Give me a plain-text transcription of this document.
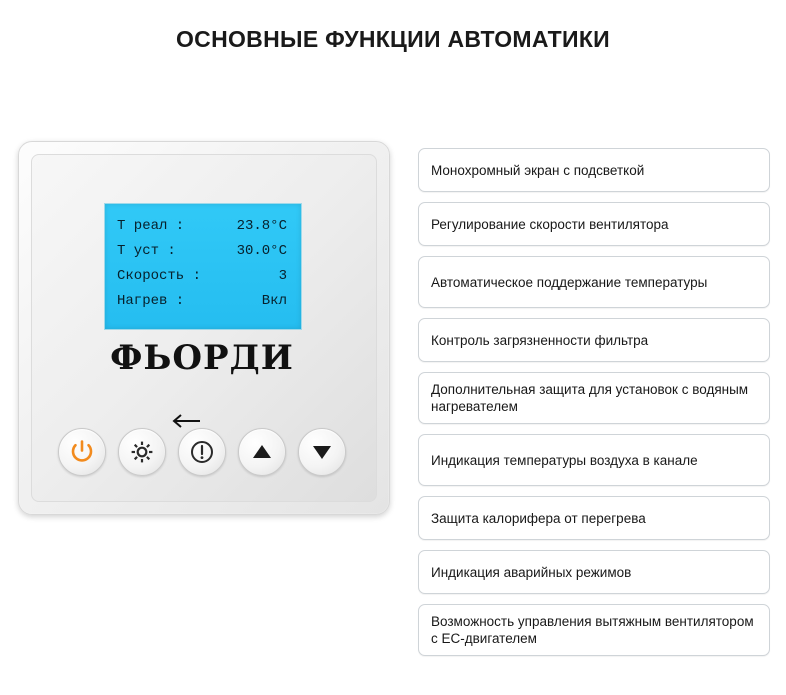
ОСНОВНЫЕ ФУНКЦИИ АВТОМАТИКИ
T реал :	23.8°C
T уст :	30.0°C
Скорость :	3
Нагрев :	Вкл
ФЬОРДИ
Монохромный экран с подсветкой
Регулирование скорости вентилятора
Автоматическое поддержание температуры
Контроль загрязненности фильтра
Дополнительная защита для установок с водяным нагревателем
Индикация температуры воздуха в канале
Защита калорифера от перегрева
Индикация аварийных режимов
Возможность управления вытяжным вентилятором с EC-двигателем
